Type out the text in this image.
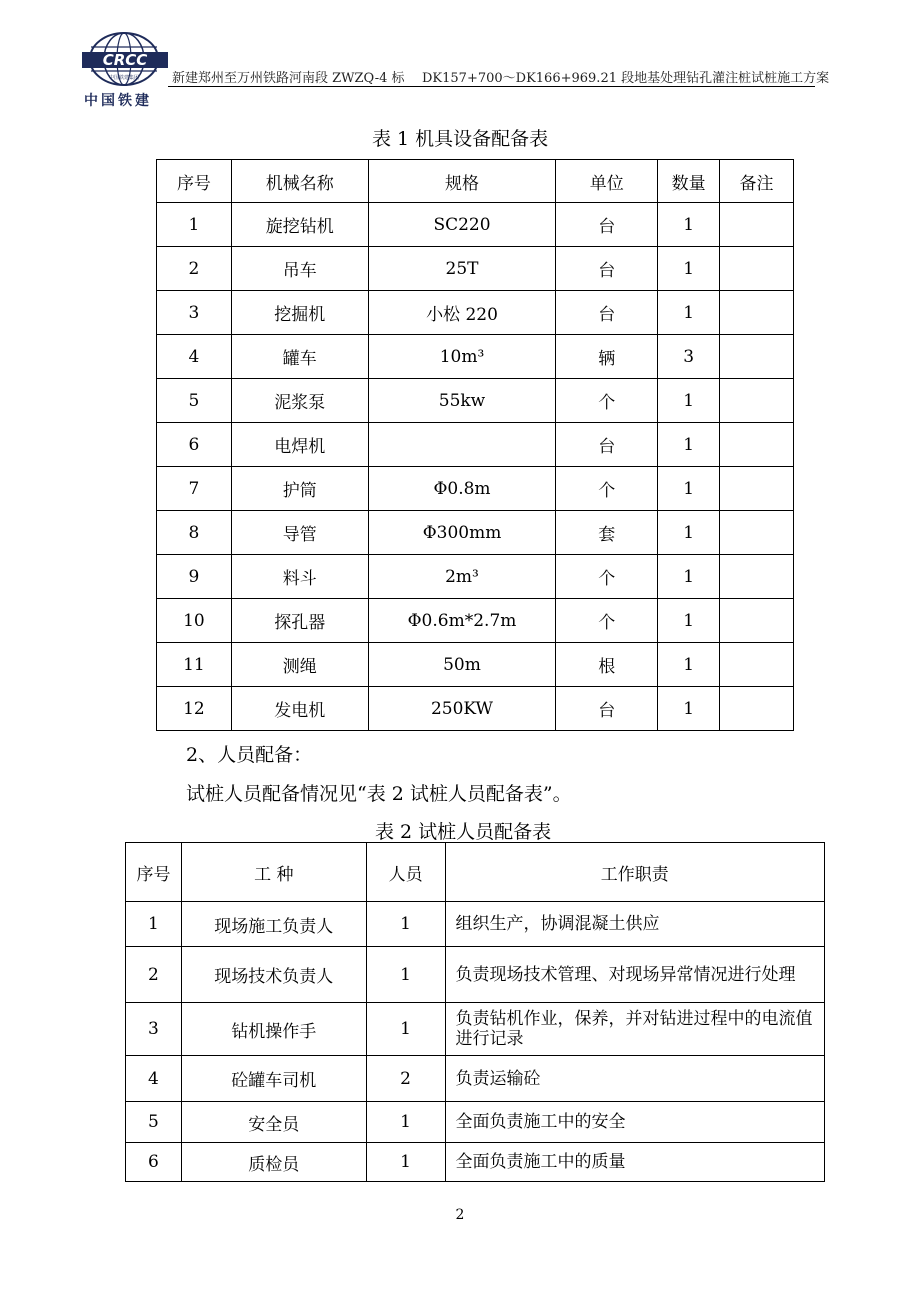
CRCC
中国铁建集团
中国铁建
新建郑州至万州铁路河南段 ZWZQ-4 标 DK157+700～DK166+969.21 段地基处理钻孔灌注桩试桩施工方案
表 1 机具设备配备表
序号	机械名称	规格	单位	数量	备注
1	旋挖钻机	SC220	台	1	
2	吊车	25T	台	1	
3	挖掘机	小松 220	台	1	
4	罐车	10m³	辆	3	
5	泥浆泵	55kw	个	1	
6	电焊机		台	1	
7	护筒	Φ0.8m	个	1	
8	导管	Φ300mm	套	1	
9	料斗	2m³	个	1	
10	探孔器	Φ0.6m*2.7m	个	1	
11	测绳	50m	根	1	
12	发电机	250KW	台	1	
2、人员配备：
试桩人员配备情况见“表 2 试桩人员配备表”。
表 2 试桩人员配备表
序号	工 种	人员	工作职责
1	现场施工负责人	1	组织生产，协调混凝土供应
2	现场技术负责人	1	负责现场技术管理、对现场异常情况进行处理
3	钻机操作手	1	负责钻机作业，保养，并对钻进过程中的电流值进行记录
4	砼罐车司机	2	负责运输砼
5	安全员	1	全面负责施工中的安全
6	质检员	1	全面负责施工中的质量
2
